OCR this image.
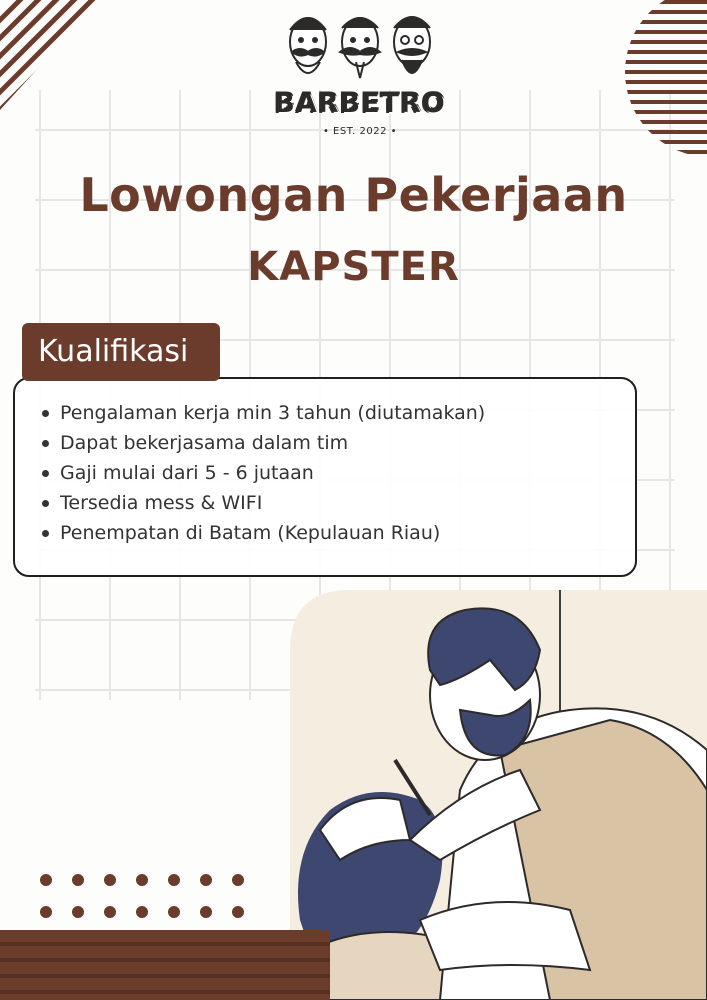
BARBETRO
• EST. 2022 •
Lowongan Pekerjaan
KAPSTER
Kualifikasi
Pengalaman kerja min 3 tahun (diutamakan)
Dapat bekerjasama dalam tim
Gaji mulai dari 5 - 6 jutaan
Tersedia mess & WIFI
Penempatan di Batam (Kepulauan Riau)
